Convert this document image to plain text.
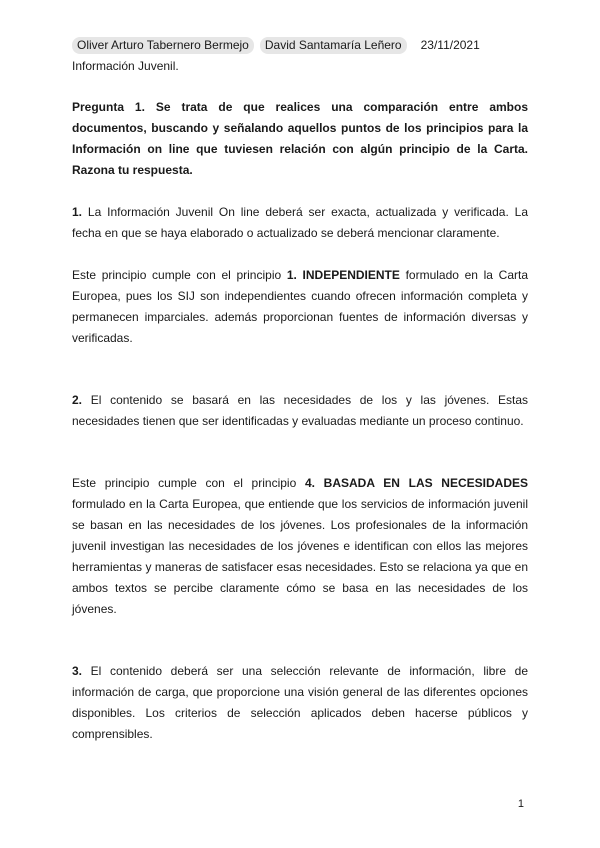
Oliver Arturo Tabernero Bermejo	David Santamaría Leñero	23/11/2021
Información Juvenil.

Pregunta 1. Se trata de que realices una comparación entre ambos documentos, buscando y señalando aquellos puntos de los principios para la Información on line que tuviesen relación con algún principio de la Carta. Razona tu respuesta.

1. La Información Juvenil On line deberá ser exacta, actualizada y verificada. La fecha en que se haya elaborado o actualizado se deberá mencionar claramente.

Este principio cumple con el principio 1. INDEPENDIENTE formulado en la Carta Europea, pues los SIJ son independientes cuando ofrecen información completa y permanecen imparciales. además proporcionan fuentes de información diversas y verificadas.

2. El contenido se basará en las necesidades de los y las jóvenes. Estas necesidades tienen que ser identificadas y evaluadas mediante un proceso continuo.

Este principio cumple con el principio 4. BASADA EN LAS NECESIDADES formulado en la Carta Europea, que entiende que los servicios de información juvenil se basan en las necesidades de los jóvenes. Los profesionales de la información juvenil investigan las necesidades de los jóvenes e identifican con ellos las mejores herramientas y maneras de satisfacer esas necesidades. Esto se relaciona ya que en ambos textos se percibe claramente cómo se basa en las necesidades de los jóvenes.

3. El contenido deberá ser una selección relevante de información, libre de información de carga, que proporcione una visión general de las diferentes opciones disponibles. Los criterios de selección aplicados deben hacerse públicos y comprensibles.

1
